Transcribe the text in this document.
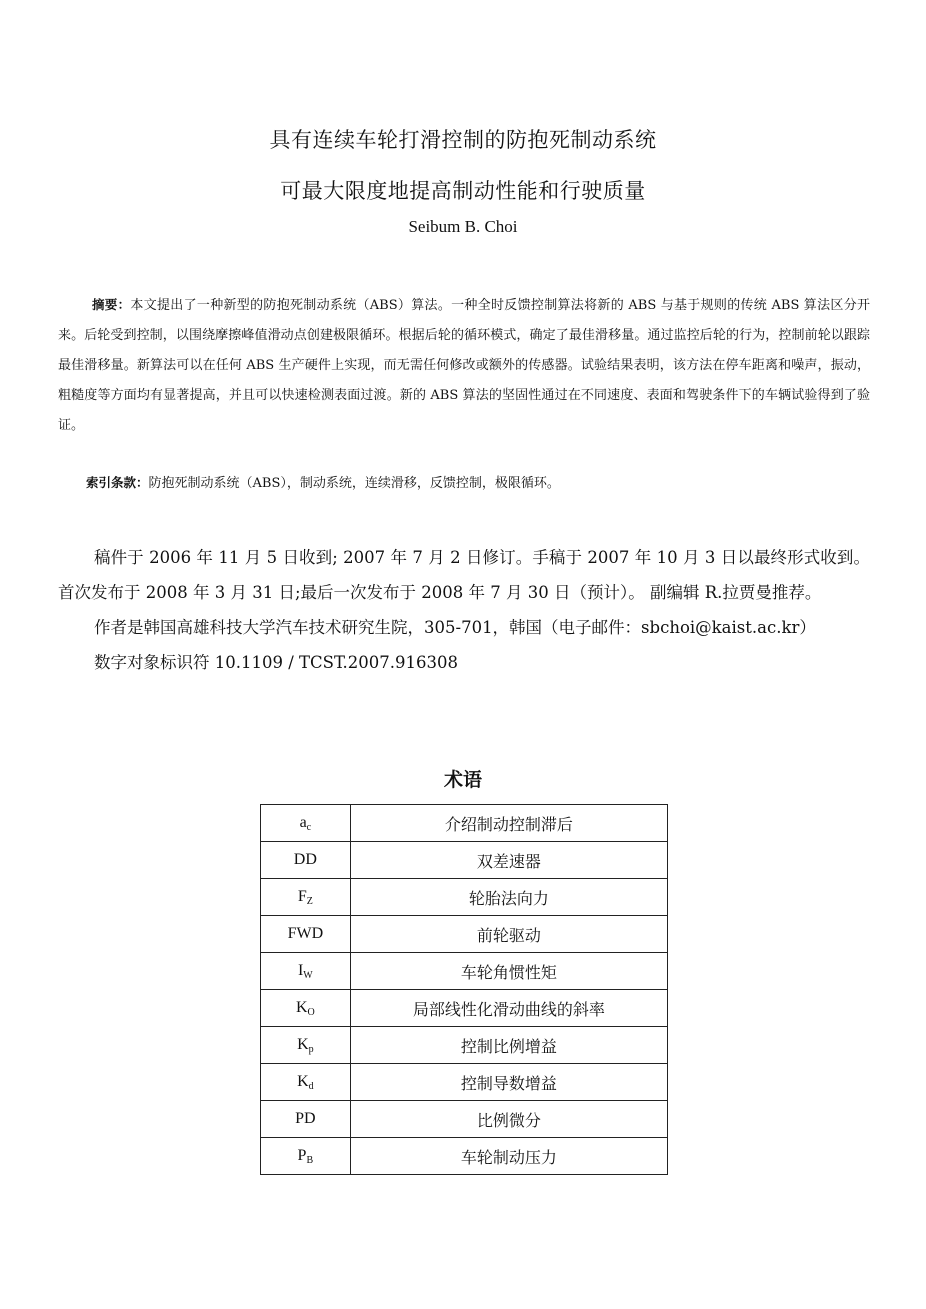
具有连续车轮打滑控制的防抱死制动系统
可最大限度地提高制动性能和行驶质量
Seibum B. Choi
摘要：本文提出了一种新型的防抱死制动系统（ABS）算法。一种全时反馈控制算法将新的 ABS 与基于规则的传统 ABS 算法区分开来。后轮受到控制，以围绕摩擦峰值滑动点创建极限循环。根据后轮的循环模式，确定了最佳滑移量。通过监控后轮的行为，控制前轮以跟踪最佳滑移量。新算法可以在任何 ABS 生产硬件上实现，而无需任何修改或额外的传感器。试验结果表明，该方法在停车距离和噪声，振动，粗糙度等方面均有显著提高，并且可以快速检测表面过渡。新的 ABS 算法的坚固性通过在不同速度、表面和驾驶条件下的车辆试验得到了验证。
索引条款：防抱死制动系统（ABS），制动系统，连续滑移，反馈控制，极限循环。

稿件于 2006 年 11 月 5 日收到; 2007 年 7 月 2 日修订。手稿于 2007 年 10 月 3 日以最终形式收到。首次发布于 2008 年 3 月 31 日;最后一次发布于 2008 年 7 月 30 日（预计）。 副编辑 R.拉贾曼推荐。

作者是韩国高雄科技大学汽车技术研究生院，305-701，韩国（电子邮件：sbchoi@kaist.ac.kr）

数字对象标识符 10.1109 / TCST.2007.916308

术语
$a_c$	介绍制动控制滞后
DD	双差速器
$F_Z$	轮胎法向力
FWD	前轮驱动
$I_W$	车轮角惯性矩
$K_O$	局部线性化滑动曲线的斜率
$K_p$	控制比例增益
$K_d$	控制导数增益
PD	比例微分
$P_B$	车轮制动压力
